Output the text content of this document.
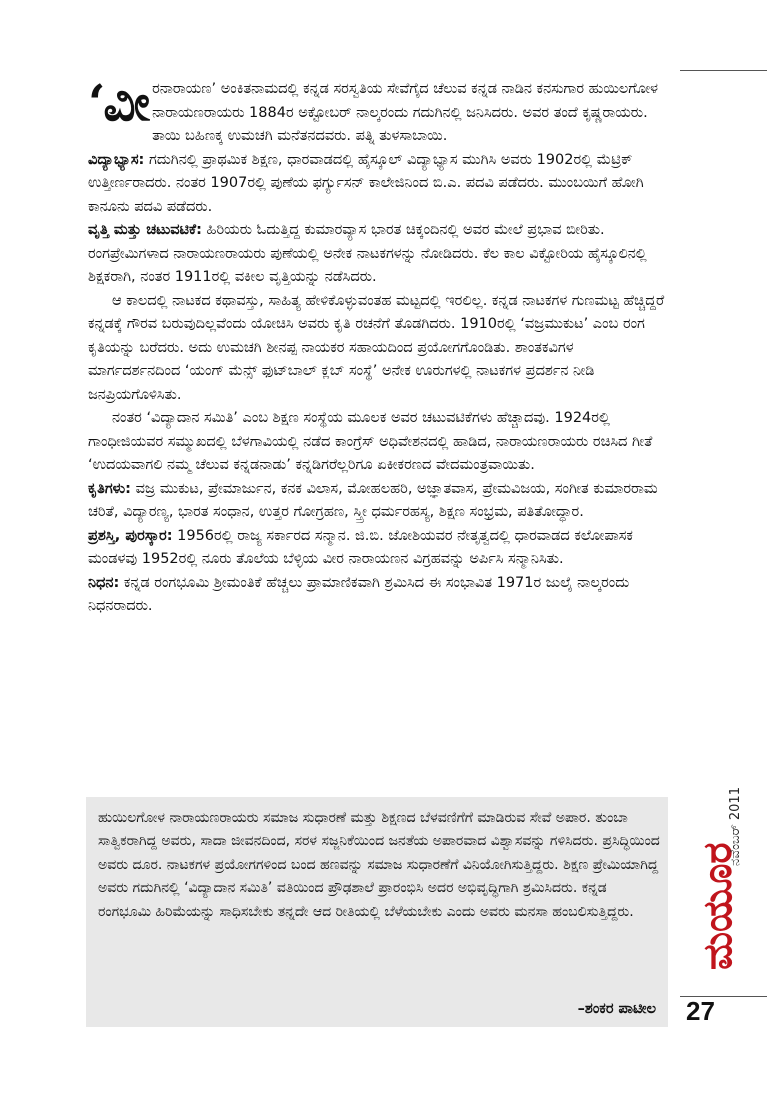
‘ವೀರನಾರಾಯಣ’ ಅಂಕಿತನಾಮದಲ್ಲಿ ಕನ್ನಡ ಸರಸ್ವತಿಯ ಸೇವೆಗೈದ ಚೆಲುವ ಕನ್ನಡ ನಾಡಿನ ಕನಸುಗಾರ ಹುಯಿಲಗೋಳ ನಾರಾಯಣರಾಯರು 1884ರ ಅಕ್ಟೋಬರ್ ನಾಲ್ಕರಂದು ಗದುಗಿನಲ್ಲಿ ಜನಿಸಿದರು. ಅವರ ತಂದೆ ಕೃಷ್ಣರಾಯರು. ತಾಯಿ ಬಹಿಣಕ್ಕ ಉಮಚಗಿ ಮನೆತನದವರು. ಪತ್ನಿ ತುಳಸಾಬಾಯಿ.

ವಿದ್ಯಾಭ್ಯಾಸ: ಗದುಗಿನಲ್ಲಿ ಪ್ರಾಥಮಿಕ ಶಿಕ್ಷಣ, ಧಾರವಾಡದಲ್ಲಿ ಹೈಸ್ಕೂಲ್ ವಿದ್ಯಾಭ್ಯಾಸ ಮುಗಿಸಿ ಅವರು 1902ರಲ್ಲಿ ಮೆಟ್ರಿಕ್ ಉತ್ತೀರ್ಣರಾದರು. ನಂತರ 1907ರಲ್ಲಿ ಪುಣೆಯ ಫರ್ಗ್ಯುಸನ್ ಕಾಲೇಜಿನಿಂದ ಬಿ.ಎ. ಪದವಿ ಪಡೆದರು. ಮುಂಬಯಿಗೆ ಹೋಗಿ ಕಾನೂನು ಪದವಿ ಪಡೆದರು.

ವೃತ್ತಿ ಮತ್ತು ಚಟುವಟಿಕೆ: ಹಿರಿಯರು ಓದುತ್ತಿದ್ದ ಕುಮಾರವ್ಯಾಸ ಭಾರತ ಚಿಕ್ಕಂದಿನಲ್ಲಿ ಅವರ ಮೇಲೆ ಪ್ರಭಾವ ಬೀರಿತು. ರಂಗಪ್ರೇಮಿಗಳಾದ ನಾರಾಯಣರಾಯರು ಪುಣೆಯಲ್ಲಿ ಅನೇಕ ನಾಟಕಗಳನ್ನು ನೋಡಿದರು. ಕೆಲ ಕಾಲ ವಿಕ್ಟೋರಿಯ ಹೈಸ್ಕೂಲಿನಲ್ಲಿ ಶಿಕ್ಷಕರಾಗಿ, ನಂತರ 1911ರಲ್ಲಿ ವಕೀಲ ವೃತ್ತಿಯನ್ನು ನಡೆಸಿದರು.

ಆ ಕಾಲದಲ್ಲಿ ನಾಟಕದ ಕಥಾವಸ್ತು, ಸಾಹಿತ್ಯ ಹೇಳಿಕೊಳ್ಳುವಂತಹ ಮಟ್ಟದಲ್ಲಿ ಇರಲಿಲ್ಲ. ಕನ್ನಡ ನಾಟಕಗಳ ಗುಣಮಟ್ಟ ಹೆಚ್ಚಿದ್ದರೆ ಕನ್ನಡಕ್ಕೆ ಗೌರವ ಬರುವುದಿಲ್ಲವೆಂದು ಯೋಚಿಸಿ ಅವರು ಕೃತಿ ರಚನೆಗೆ ತೊಡಗಿದರು. 1910ರಲ್ಲಿ ‘ವಜ್ರಮುಕುಟ’ ಎಂಬ ರಂಗ ಕೃತಿಯನ್ನು ಬರೆದರು. ಅದು ಉಮಚಗಿ ಶೀನಪ್ಪ ನಾಯಕರ ಸಹಾಯದಿಂದ ಪ್ರಯೋಗಗೊಂಡಿತು. ಶಾಂತಕವಿಗಳ ಮಾರ್ಗದರ್ಶನದಿಂದ ‘ಯಂಗ್ ಮೆನ್ಸ್ ಫುಟ್‌ಬಾಲ್ ಕ್ಲಬ್ ಸಂಸ್ಥೆ’ ಅನೇಕ ಊರುಗಳಲ್ಲಿ ನಾಟಕಗಳ ಪ್ರದರ್ಶನ ನೀಡಿ ಜನಪ್ರಿಯಗೊಳಿಸಿತು.

ನಂತರ ‘ವಿದ್ಯಾದಾನ ಸಮಿತಿ’ ಎಂಬ ಶಿಕ್ಷಣ ಸಂಸ್ಥೆಯ ಮೂಲಕ ಅವರ ಚಟುವಟಿಕೆಗಳು ಹೆಚ್ಚಾದವು. 1924ರಲ್ಲಿ ಗಾಂಧೀಜಿಯವರ ಸಮ್ಮುಖದಲ್ಲಿ ಬೆಳಗಾವಿಯಲ್ಲಿ ನಡೆದ ಕಾಂಗ್ರೆಸ್ ಅಧಿವೇಶನದಲ್ಲಿ ಹಾಡಿದ, ನಾರಾಯಣರಾಯರು ರಚಿಸಿದ ಗೀತೆ ‘ಉದಯವಾಗಲಿ ನಮ್ಮ ಚೆಲುವ ಕನ್ನಡನಾಡು’ ಕನ್ನಡಿಗರೆಲ್ಲರಿಗೂ ಏಕೀಕರಣದ ವೇದಮಂತ್ರವಾಯಿತು.

ಕೃತಿಗಳು: ವಜ್ರ ಮುಕುಟ, ಪ್ರೇಮಾರ್ಜುನ, ಕನಕ ವಿಲಾಸ, ಮೋಹಲಹರಿ, ಅಜ್ಞಾತವಾಸ, ಪ್ರೇಮವಿಜಯ, ಸಂಗೀತ ಕುಮಾರರಾಮ ಚರಿತೆ, ವಿದ್ಯಾರಣ್ಯ, ಭಾರತ ಸಂಧಾನ, ಉತ್ತರ ಗೋಗ್ರಹಣ, ಸ್ತ್ರೀ ಧರ್ಮರಹಸ್ಯ, ಶಿಕ್ಷಣ ಸಂಭ್ರಮ, ಪತಿತೋದ್ಧಾರ.

ಪ್ರಶಸ್ತಿ, ಪುರಸ್ಕಾರ: 1956ರಲ್ಲಿ ರಾಜ್ಯ ಸರ್ಕಾರದ ಸನ್ಮಾನ. ಜಿ.ಬಿ. ಜೋಶಿಯವರ ನೇತೃತ್ವದಲ್ಲಿ ಧಾರವಾಡದ ಕಲೋಪಾಸಕ ಮಂಡಳವು 1952ರಲ್ಲಿ ನೂರು ತೊಲೆಯ ಬೆಳ್ಳಿಯ ವೀರ ನಾರಾಯಣನ ವಿಗ್ರಹವನ್ನು ಅರ್ಪಿಸಿ ಸನ್ಮಾನಿಸಿತು.

ನಿಧನ: ಕನ್ನಡ ರಂಗಭೂಮಿ ಶ್ರೀಮಂತಿಕೆ ಹೆಚ್ಚಲು ಪ್ರಾಮಾಣಿಕವಾಗಿ ಶ್ರಮಿಸಿದ ಈ ಸಂಭಾವಿತ 1971ರ ಜುಲೈ ನಾಲ್ಕರಂದು ನಿಧನರಾದರು.

ಹುಯಿಲಗೋಳ ನಾರಾಯಣರಾಯರು ಸಮಾಜ ಸುಧಾರಣೆ ಮತ್ತು ಶಿಕ್ಷಣದ ಬೆಳವಣಿಗೆಗೆ ಮಾಡಿರುವ ಸೇವೆ ಅಪಾರ. ತುಂಬಾ ಸಾತ್ವಿಕರಾಗಿದ್ದ ಅವರು, ಸಾದಾ ಜೀವನದಿಂದ, ಸರಳ ಸಜ್ಜನಿಕೆಯಿಂದ ಜನತೆಯ ಅಪಾರವಾದ ವಿಶ್ವಾಸವನ್ನು ಗಳಿಸಿದರು. ಪ್ರಸಿದ್ಧಿಯಿಂದ ಅವರು ದೂರ. ನಾಟಕಗಳ ಪ್ರಯೋಗಗಳಿಂದ ಬಂದ ಹಣವನ್ನು ಸಮಾಜ ಸುಧಾರಣೆಗೆ ವಿನಿಯೋಗಿಸುತ್ತಿದ್ದರು. ಶಿಕ್ಷಣ ಪ್ರೇಮಿಯಾಗಿದ್ದ ಅವರು ಗದುಗಿನಲ್ಲಿ ‘ವಿದ್ಯಾದಾನ ಸಮಿತಿ’ ವತಿಯಿಂದ ಪ್ರೌಢಶಾಲೆ ಪ್ರಾರಂಭಿಸಿ ಅದರ ಅಭಿವೃದ್ಧಿಗಾಗಿ ಶ್ರಮಿಸಿದರು. ಕನ್ನಡ ರಂಗಭೂಮಿ ಹಿರಿಮೆಯನ್ನು ಸಾಧಿಸಬೇಕು ತನ್ನದೇ ಆದ ರೀತಿಯಲ್ಲಿ ಬೆಳೆಯಬೇಕು ಎಂದು ಅವರು ಮನಸಾ ಹಂಬಲಿಸುತ್ತಿದ್ದರು.

–ಶಂಕರ ಪಾಟೀಲ
ಮಯೂರ
ನವೆಂಬರ್ 2011
27
